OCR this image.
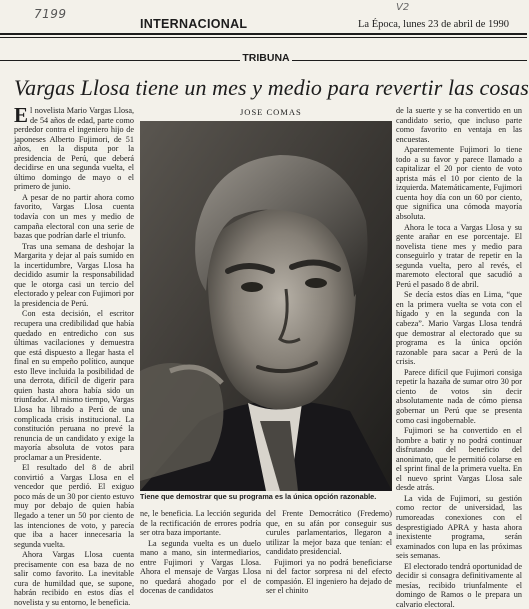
7199	V2
INTERNACIONAL	La Época, lunes 23 de abril de 1990
TRIBUNA
Vargas Llosa tiene un mes y medio para revertir las cosas

El novelista Mario Vargas Llosa, de 54 años de edad, parte como perdedor contra el ingeniero hijo de japoneses Alberto Fujimori, de 51 años, en la disputa por la presidencia de Perú, que deberá decidirse en una segunda vuelta, el último domingo de mayo o el primero de junio.

A pesar de no partir ahora como favorito, Vargas Llosa cuenta todavía con un mes y medio de campaña electoral con una serie de bazas que podrían darle el triunfo.

Tras una semana de deshojar la Margarita y dejar al país sumido en la incertidumbre, Vargas Llosa ha decidido asumir la responsabilidad que le otorga casi un tercio del electorado y pelear con Fujimori por la presidencia de Perú.

Con esta decisión, el escritor recupera una credibilidad que había quedado en entredicho con sus últimas vacilaciones y demuestra que está dispuesto a llegar hasta el final en su empeño político, aunque esto lleve incluida la posibilidad de una derrota, difícil de digerir para quien hasta ahora había sido un triunfador. Al mismo tiempo, Vargas Llosa ha librado a Perú de una complicada crisis institucional. La constitución peruana no prevé la renuncia de un candidato y exige la mayoría absoluta de votos para proclamar a un Presidente.

El resultado del 8 de abril convirtió a Vargas Llosa en el vencedor que perdió. El exiguo poco más de un 30 por ciento estuvo muy por debajo de quien había llegado a tener un 50 por ciento de las intenciones de voto, y parecía que iba a hacer innecesaria la segunda vuelta.

Ahora Vargas Llosa cuenta precisamente con esa baza de no salir como favorito. La inevitable cura de humildad que, se supone, habrán recibido en estos días el novelista y su entorno, le beneficia.

JOSE COMAS
Tiene que demostrar que su programa es la única opción razonable.

ne, le beneficia. La lección segurida de la rectificación de errores podría ser otra baza importante.

La segunda vuelta es un duelo mano a mano, sin intermediarios, entre Fujimori y Vargas Llosa. Ahora el mensaje de Vargas Llosa no quedará ahogado por el de docenas de candidatos

del Frente Democrático (Fredemo) que, en su afán por conseguir sus curules parlamentarios, llegaron a utilizar la mejor baza que tenían: el candidato presidencial.

Fujimori ya no podrá beneficiarse ni del factor sorpresa ni del efecto compasión. El ingeniero ha dejado de ser el chinito

de la suerte y se ha convertido en un candidato serio, que incluso parte como favorito en ventaja en las encuestas.

Aparentemente Fujimori lo tiene todo a su favor y parece llamado a capitalizar el 20 por ciento de voto aprista más el 10 por ciento de la izquierda. Matemáticamente, Fujimori cuenta hoy día con un 60 por ciento, que significa una cómoda mayoría absoluta.

Ahora le toca a Vargas Llosa y su gente arañar en ese porcentaje. El novelista tiene mes y medio para conseguirlo y tratar de repetir en la segunda vuelta, pero al revés, el maremoto electoral que sacudió a Perú el pasado 8 de abril.

Se decía estos días en Lima, “que en la primera vuelta se vota con el hígado y en la segunda con la cabeza”. Mario Vargas Llosa tendrá que demostrar al electorado que su programa es la única opción razonable para sacar a Perú de la crisis.

Parece difícil que Fujimori consiga repetir la hazaña de sumar otro 30 por ciento de votos sin decir absolutamente nada de cómo piensa gobernar un Perú que se presenta como casi ingobernable.

Fujimori se ha convertido en el hombre a batir y no podrá continuar disfrutando del beneficio del anonimato, que le permitió colarse en el sprint final de la primera vuelta. En el nuevo sprint Vargas Llosa sale desde atrás.

La vida de Fujimori, su gestión como rector de universidad, las rumoreadas conexiones con el desprestigiado APRA y hasta ahora inexistente programa, serán examinados con lupa en las próximas seis semanas.

El electorado tendrá oportunidad de decidir si consagra definitivamente al mesías, recibido triunfalmente el domingo de Ramos o le prepara un calvario electoral.
